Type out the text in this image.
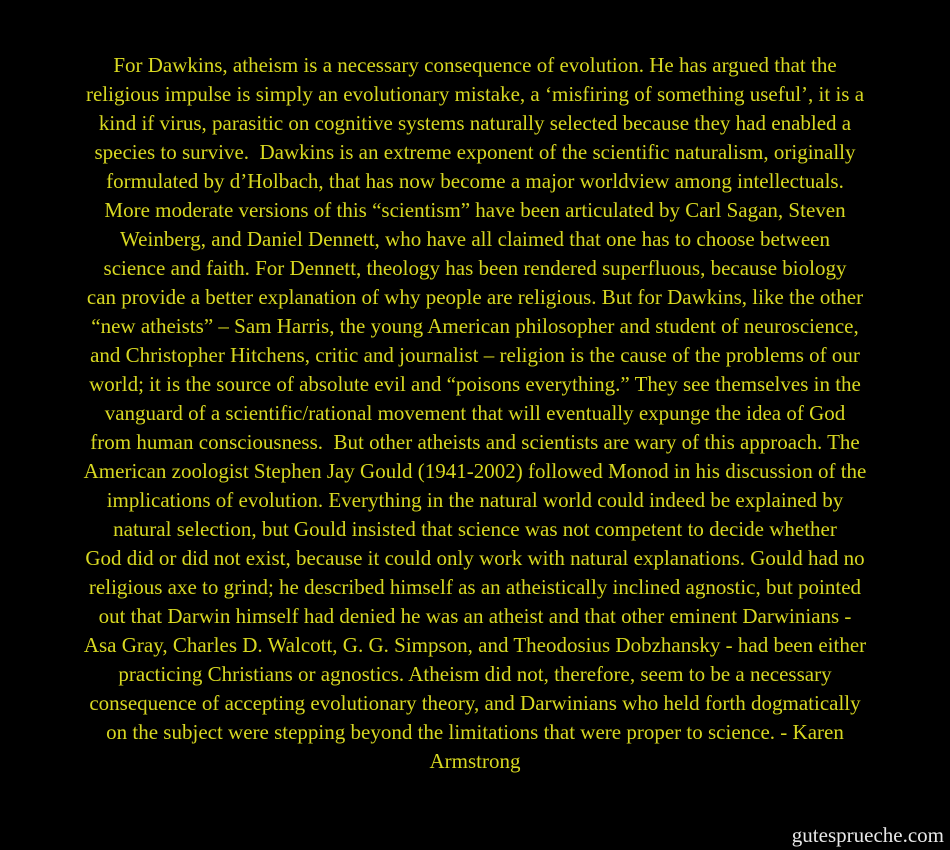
For Dawkins, atheism is a necessary consequence of evolution. He has argued that the
religious impulse is simply an evolutionary mistake, a ‘misfiring of something useful’, it is a
kind if virus, parasitic on cognitive systems naturally selected because they had enabled a
species to survive.  Dawkins is an extreme exponent of the scientific naturalism, originally
formulated by d’Holbach, that has now become a major worldview among intellectuals.
More moderate versions of this “scientism” have been articulated by Carl Sagan, Steven
Weinberg, and Daniel Dennett, who have all claimed that one has to choose between
science and faith. For Dennett, theology has been rendered superfluous, because biology
can provide a better explanation of why people are religious. But for Dawkins, like the other
“new atheists” – Sam Harris, the young American philosopher and student of neuroscience,
and Christopher Hitchens, critic and journalist – religion is the cause of the problems of our
world; it is the source of absolute evil and “poisons everything.” They see themselves in the
vanguard of a scientific/rational movement that will eventually expunge the idea of God
from human consciousness.  But other atheists and scientists are wary of this approach. The
American zoologist Stephen Jay Gould (1941-2002) followed Monod in his discussion of the
implications of evolution. Everything in the natural world could indeed be explained by
natural selection, but Gould insisted that science was not competent to decide whether
God did or did not exist, because it could only work with natural explanations. Gould had no
religious axe to grind; he described himself as an atheistically inclined agnostic, but pointed
out that Darwin himself had denied he was an atheist and that other eminent Darwinians -
Asa Gray, Charles D. Walcott, G. G. Simpson, and Theodosius Dobzhansky - had been either
practicing Christians or agnostics. Atheism did not, therefore, seem to be a necessary
consequence of accepting evolutionary theory, and Darwinians who held forth dogmatically
on the subject were stepping beyond the limitations that were proper to science. - Karen
Armstrong
gutesprueche.com
